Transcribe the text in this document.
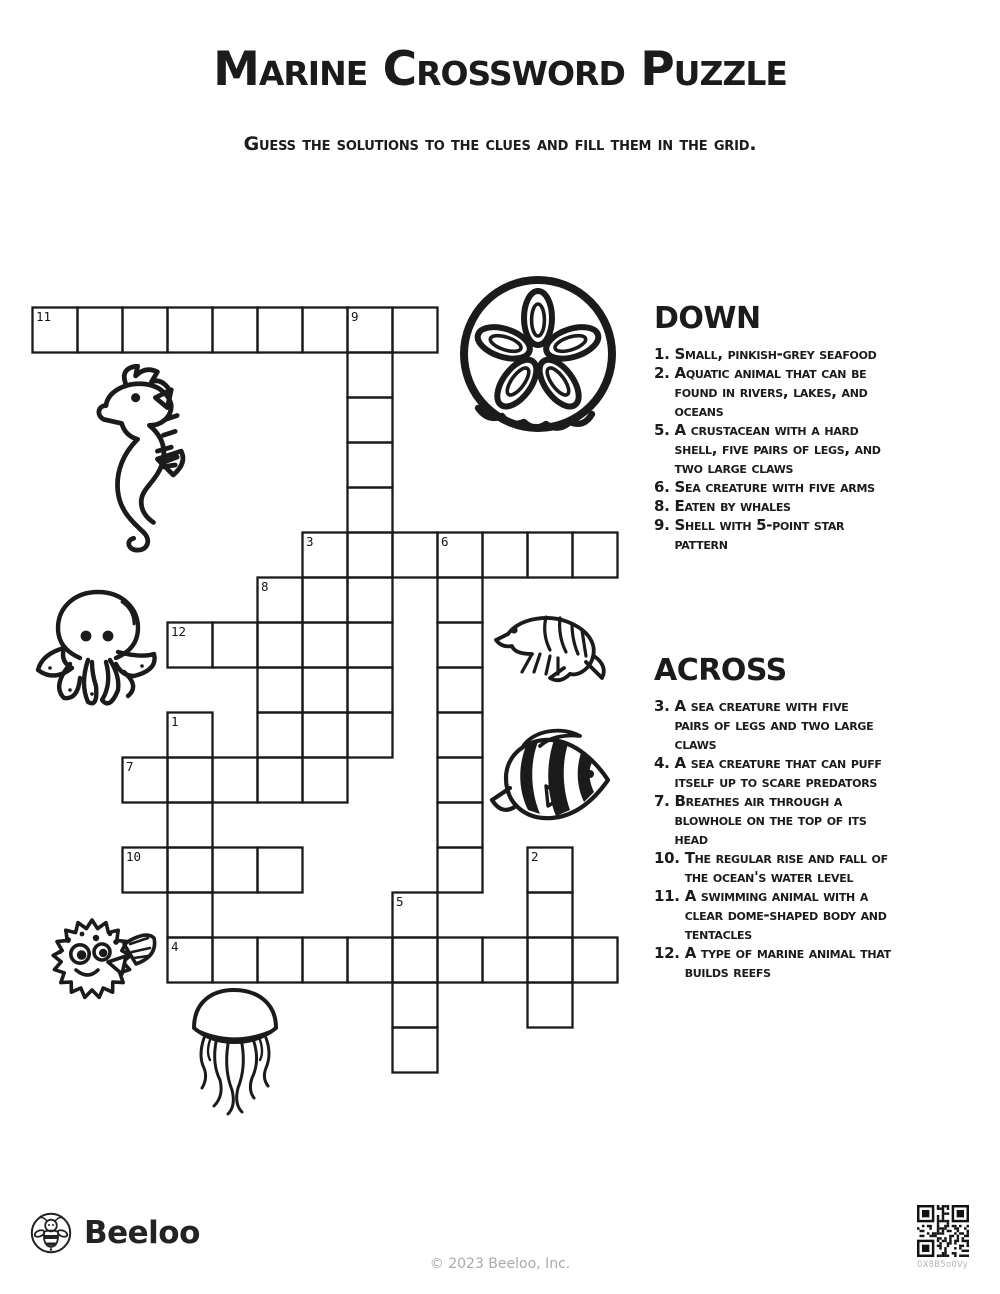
Marine Crossword Puzzle
Guess the solutions to the clues and fill them in the grid.
11	9
3	6
8
12
1
4
7
10	2
5
DOWN
1. Small, pinkish-grey seafood
2. Aquatic animal that can be found in rivers, lakes, and oceans
5. A crustacean with a hard shell, five pairs of legs, and two large claws
6. Sea creature with five arms
8. Eaten by whales
9. Shell with 5-point star pattern
ACROSS
3. A sea creature with five pairs of legs and two large claws
4. A sea creature that can puff itself up to scare predators
7. Breathes air through a blowhole on the top of its head
10. The regular rise and fall of the ocean's water level
11. A swimming animal with a clear dome-shaped body and tentacles
12. A type of marine animal that builds reefs
Beeloo
© 2023 Beeloo, Inc.	0X8B5o0Vy
